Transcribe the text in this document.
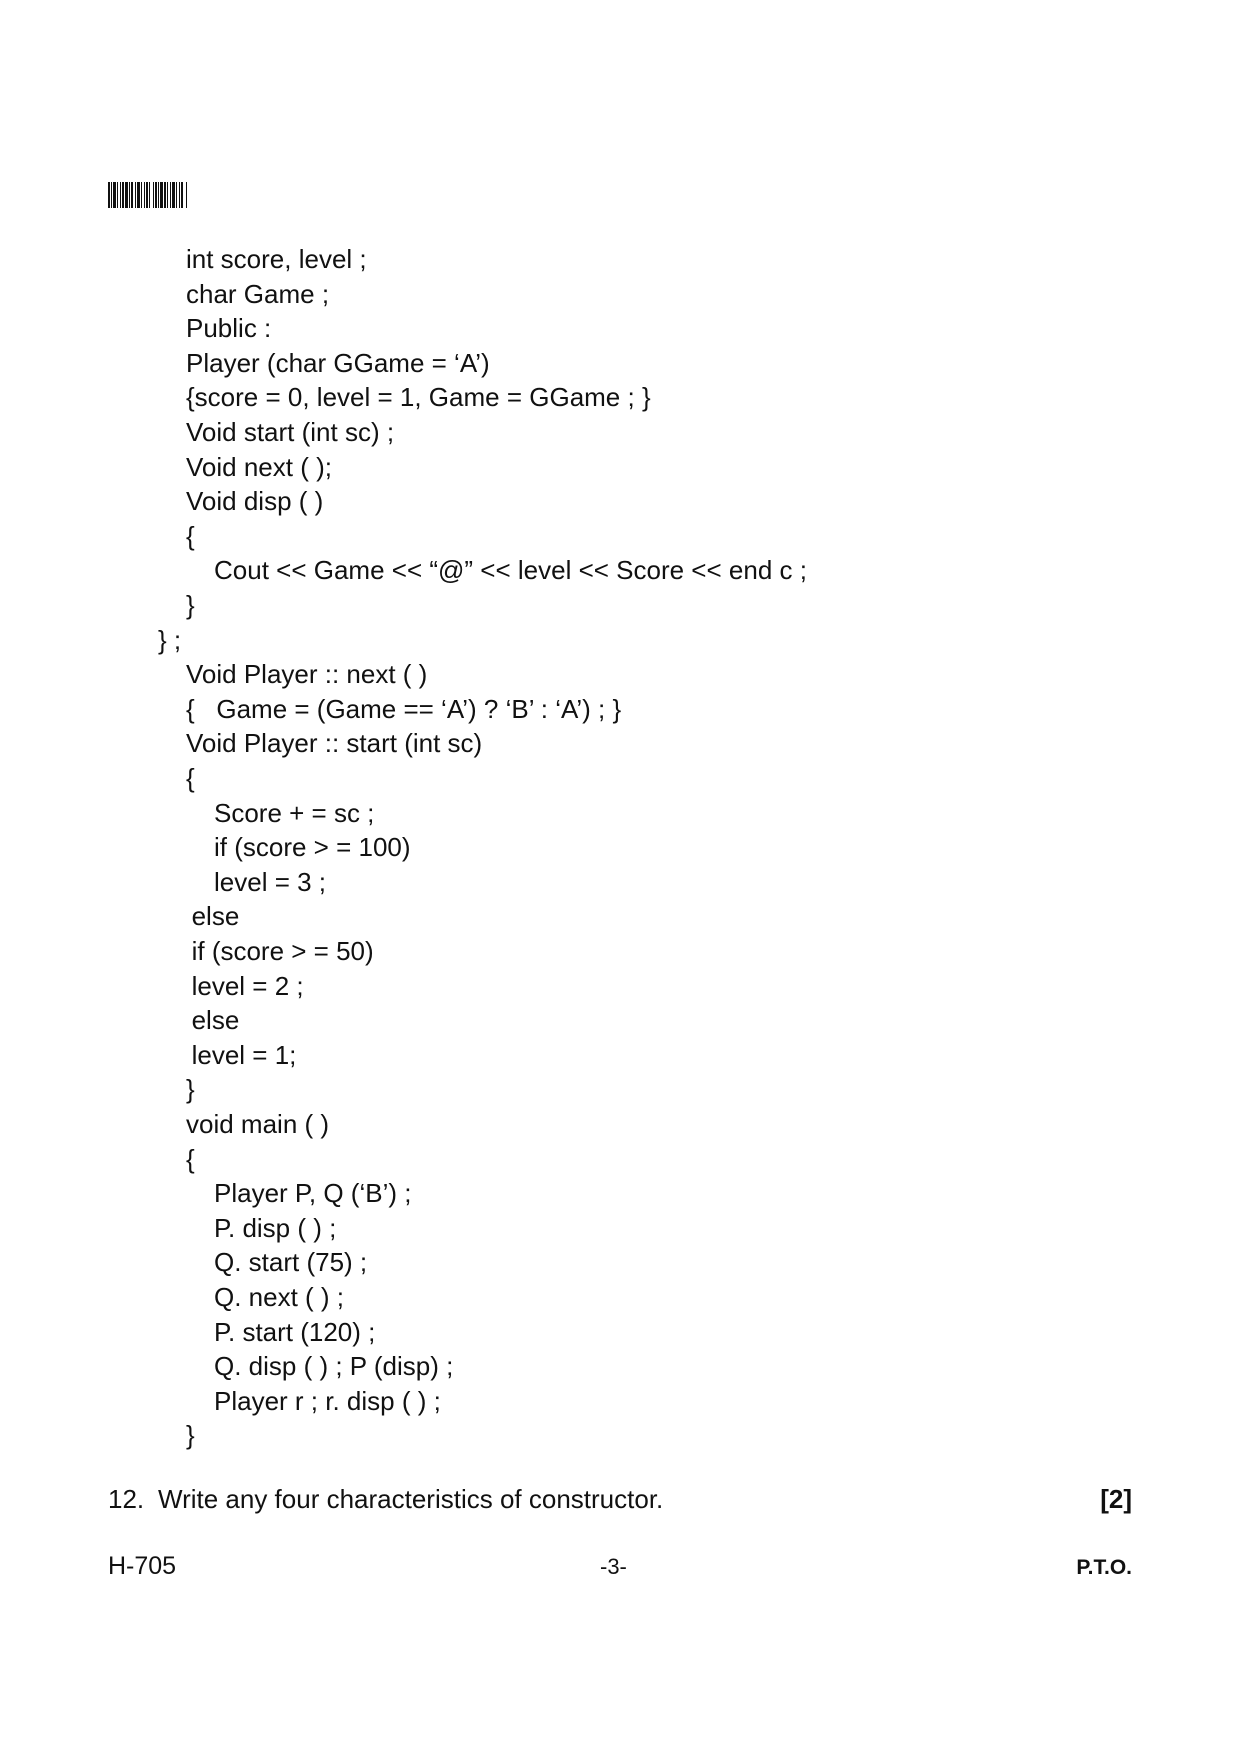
int score, level ;
char Game ;
Public :
Player (char GGame = ‘A’)
{score = 0, level = 1, Game = GGame ; }
Void start (int sc) ;
Void next ( );
Void disp ( )
{
Cout << Game << “@” << level << Score << end c ;
}
} ;
Void Player :: next ( )
{   Game = (Game == ‘A’) ? ‘B’ : ‘A’) ; }
Void Player :: start (int sc)
{
Score + = sc ;
if (score > = 100)
level = 3 ;
else
if (score > = 50)
level = 2 ;
else
level = 1;
}
void main ( )
{
Player P, Q (‘B’) ;
P. disp ( ) ;
Q. start (75) ;
Q. next ( ) ;
P. start (120) ;
Q. disp ( ) ; P (disp) ;
Player r ; r. disp ( ) ;
}

12.

Write any four characteristics of constructor.	[2]
H-705	-3-	P.T.O.
